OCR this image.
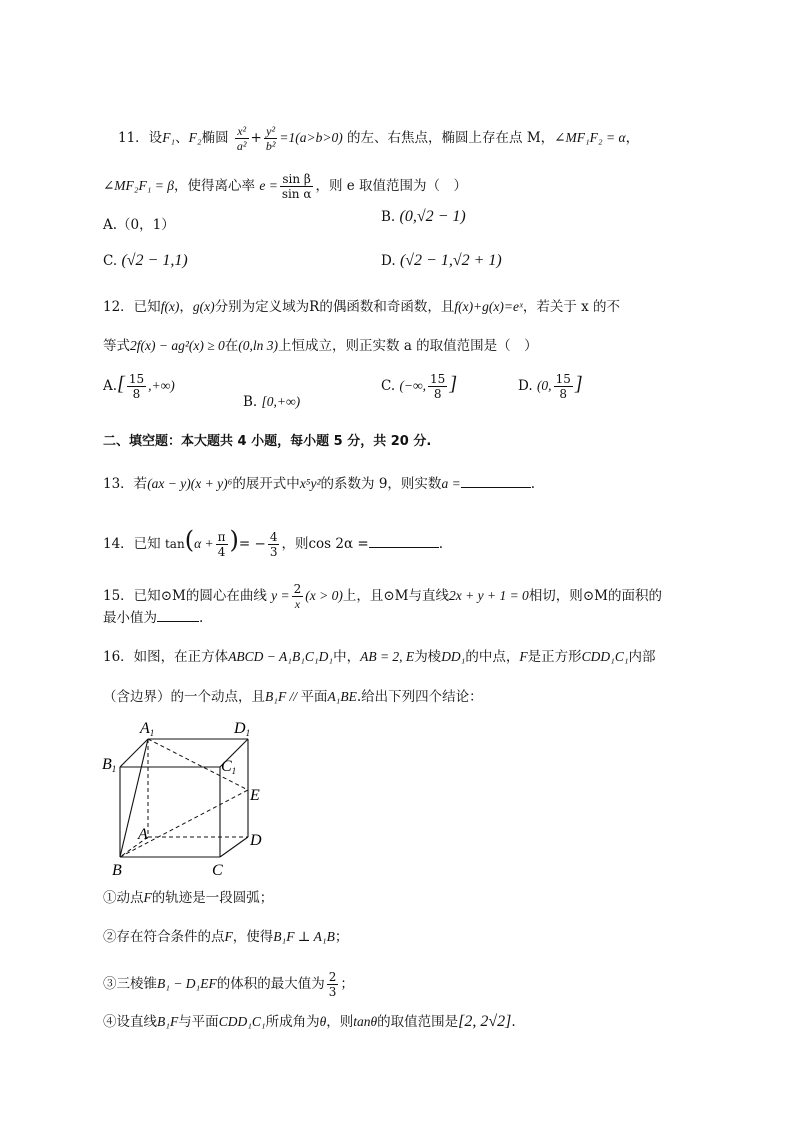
11．设F₁、F₂椭圆 $\frac{\text{x²}}{\text{a²}} + \frac{\text{y²}}{\text{b²}} =1(a>b>0)$ 的左、右焦点，椭圆上存在点 M，∠MF₁F₂ = α，
∠MF₂F₁ = β，使得离心率 $e = \frac{\text{sin β}}{\text{sin α}}$ ，则 e 取值范围为（　）
A.（0，1）	B. (0,√2 − 1)
C. (√2 − 1,1)	D. (√2 − 1,√2 + 1)
12．已知f(x)，g(x)分别为定义域为R的偶函数和奇函数，且f(x)+g(x)=eˣ，若关于 x 的不
等式2f(x) − ag²(x) ≥ 0在(0,ln 3)上恒成立，则正实数 a 的取值范围是（　）
$A.[ \frac{15}{8}$ ,+∞)
B. [0,+∞)
C. (−∞, $\frac{15}{8}$ ]	D. (0, $\frac{15}{8}$ ]
二、填空题：本大题共 4 小题，每小题 5 分，共 20 分.
13．若(ax − y)(x + y)⁶的展开式中x⁵y²的系数为 9，则实数a =	.
14．已知 $\tan(\alpha + \frac{\pi}{4}$ )= − $\frac{4}{3}$ ，则cos 2α =	.
15．已知⊙M的圆心在曲线 $y = \frac{2}{x} (x > 0)$上，且⊙M与直线2x + y + 1 = 0相切，则⊙M的面积的
最小值为	.
16．如图，在正方体ABCD − A₁B₁C₁D₁中，AB = 2, E为棱DD₁的中点，F是正方形CDD₁C₁内部
（含边界）的一个动点，且B₁F // 平面A₁BE.给出下列四个结论：
A1	D1
B1	C1
E
A	D
B	C
①动点F的轨迹是一段圆弧；
②存在符合条件的点F，使得B₁F ⊥ A₁B；
③三棱锥B₁ − D₁EF的体积的最大值为 $\frac{2}{3}$ ；
④设直线B₁F与平面CDD₁C₁所成角为θ，则tanθ的取值范围是[2, 2√2].
